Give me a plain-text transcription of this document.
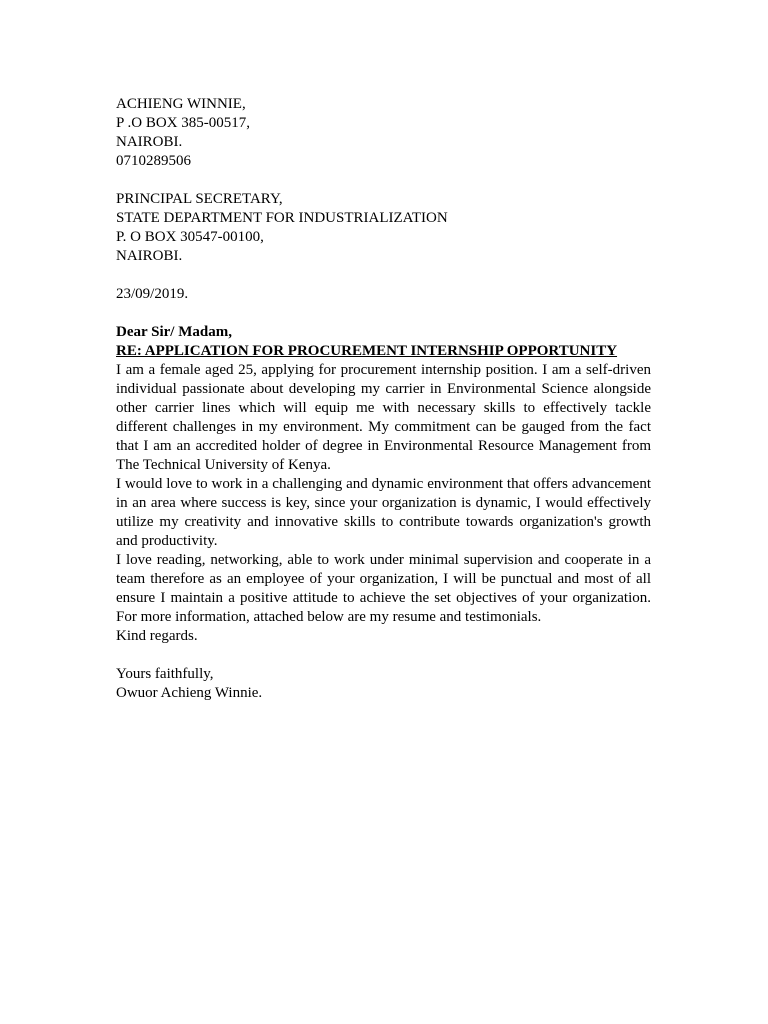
ACHIENG WINNIE,
P .O BOX 385-00517,
NAIROBI.
0710289506
PRINCIPAL SECRETARY,
STATE DEPARTMENT FOR INDUSTRIALIZATION
P. O BOX 30547-00100,
NAIROBI.
23/09/2019.
Dear Sir/ Madam,
RE: APPLICATION FOR PROCUREMENT INTERNSHIP OPPORTUNITY

I am a female aged 25, applying for procurement internship position. I am a self-driven individual passionate about developing my carrier in Environmental Science alongside other carrier lines which will equip me with necessary skills to effectively tackle different challenges in my environment. My commitment can be gauged from the fact that I am an accredited holder of degree in Environmental Resource Management from The Technical University of Kenya.

I would love to work in a challenging and dynamic environment that offers advancement in an area where success is key, since your organization is dynamic, I would effectively utilize my creativity and innovative skills to contribute towards organization's growth and productivity.

I love reading, networking, able to work under minimal supervision and cooperate in a team therefore as an employee of your organization, I will be punctual and most of all ensure I maintain a positive attitude to achieve the set objectives of your organization. For more information, attached below are my resume and testimonials.

Kind regards.
Yours faithfully,
Owuor Achieng Winnie.
